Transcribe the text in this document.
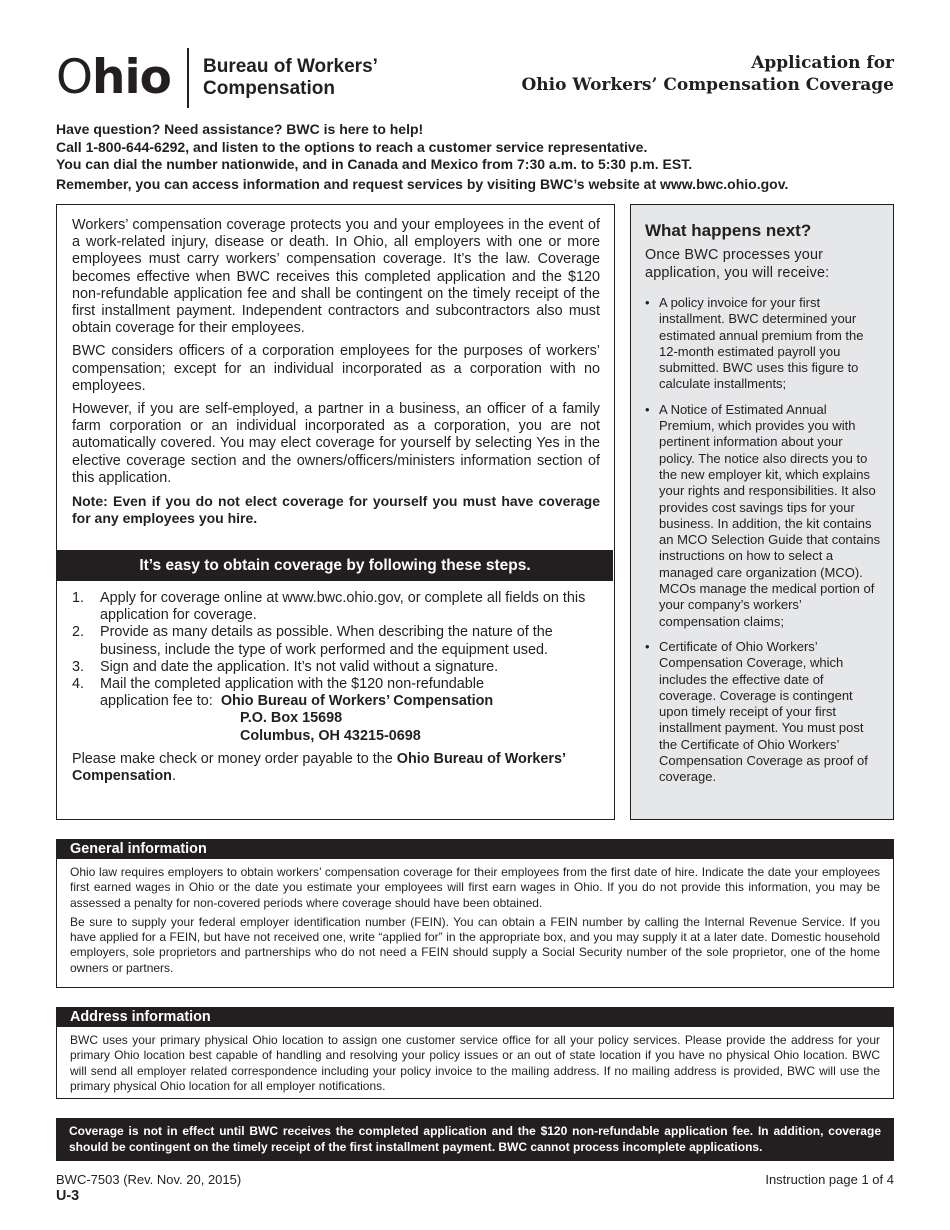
Ohio Bureau of Workers’
Compensation
Application for
Ohio Workers’ Compensation Coverage
Have question? Need assistance? BWC is here to help!
Call 1-800-644-6292, and listen to the options to reach a customer service representative.
You can dial the number nationwide, and in Canada and Mexico from 7:30 a.m. to 5:30 p.m. EST.
Remember, you can access information and request services by visiting BWC’s website at www.bwc.ohio.gov.

Workers’ compensation coverage protects you and your employees in the event of a work-related injury, disease or death. In Ohio, all employers with one or more employees must carry workers’ compensation coverage. It’s the law. Coverage becomes effective when BWC receives this completed application and the $120 non-refundable application fee and shall be contingent on the timely receipt of the first installment payment. Independent contractors and subcontractors also must obtain coverage for their employees.

BWC considers officers of a corporation employees for the purposes of workers’ compensation; except for an individual incorporated as a corporation with no employees.

However, if you are self-employed, a partner in a business, an officer of a family farm corporation or an individual incorporated as a corporation, you are not automatically covered. You may elect coverage for yourself by selecting Yes in the elective coverage section and the owners/officers/ministers information section of this application.

Note: Even if you do not elect coverage for yourself you must have coverage for any employees you hire.

It’s easy to obtain coverage by following these steps.
1. Apply for coverage online at www.bwc.ohio.gov, or complete all fields on this application for coverage.
2. Provide as many details as possible. When describing the nature of the business, include the type of work performed and the equipment used.
3. Sign and date the application. It’s not valid without a signature.
4. Mail the completed application with the $120 non-refundable
application fee to: Ohio Bureau of Workers’ Compensation
P.O. Box 15698
Columbus, OH 43215-0698
Please make check or money order payable to the Ohio Bureau of Workers’ Compensation.
What happens next?
Once BWC processes your application, you will receive:
• A policy invoice for your first installment. BWC determined your estimated annual premium from the 12-month estimated payroll you submitted. BWC uses this figure to calculate installments;
• A Notice of Estimated Annual Premium, which provides you with pertinent information about your policy. The notice also directs you to the new employer kit, which explains your rights and responsibilities. It also provides cost savings tips for your business. In addition, the kit contains an MCO Selection Guide that contains instructions on how to select a managed care organization (MCO). MCOs manage the medical portion of your company’s workers’ compensation claims;
• Certificate of Ohio Workers’ Compensation Coverage, which includes the effective date of coverage. Coverage is contingent upon timely receipt of your first installment payment. You must post the Certificate of Ohio Workers’ Compensation Coverage as proof of coverage.
General information

Ohio law requires employers to obtain workers’ compensation coverage for their employees from the first date of hire. Indicate the date your employees first earned wages in Ohio or the date you estimate your employees will first earn wages in Ohio. If you do not provide this information, you may be assessed a penalty for non-covered periods where coverage should have been obtained.

Be sure to supply your federal employer identification number (FEIN). You can obtain a FEIN number by calling the Internal Revenue Service. If you have applied for a FEIN, but have not received one, write “applied for” in the appropriate box, and you may supply it at a later date. Domestic household employers, sole proprietors and partnerships who do not need a FEIN should supply a Social Security number of the sole proprietor, one of the home owners or partners.

Address information

BWC uses your primary physical Ohio location to assign one customer service office for all your policy services. Please provide the address for your primary Ohio location best capable of handling and resolving your policy issues or an out of state location if you have no physical Ohio location. BWC will send all employer related correspondence including your policy invoice to the mailing address. If no mailing address is provided, BWC will use the primary physical Ohio location for all employer notifications.

Coverage is not in effect until BWC receives the completed application and the $120 non-refundable application fee. In addition, coverage should be contingent on the timely receipt of the first installment payment. BWC cannot process incomplete applications.
BWC-7503 (Rev. Nov. 20, 2015)
U-3
Instruction page 1 of 4
